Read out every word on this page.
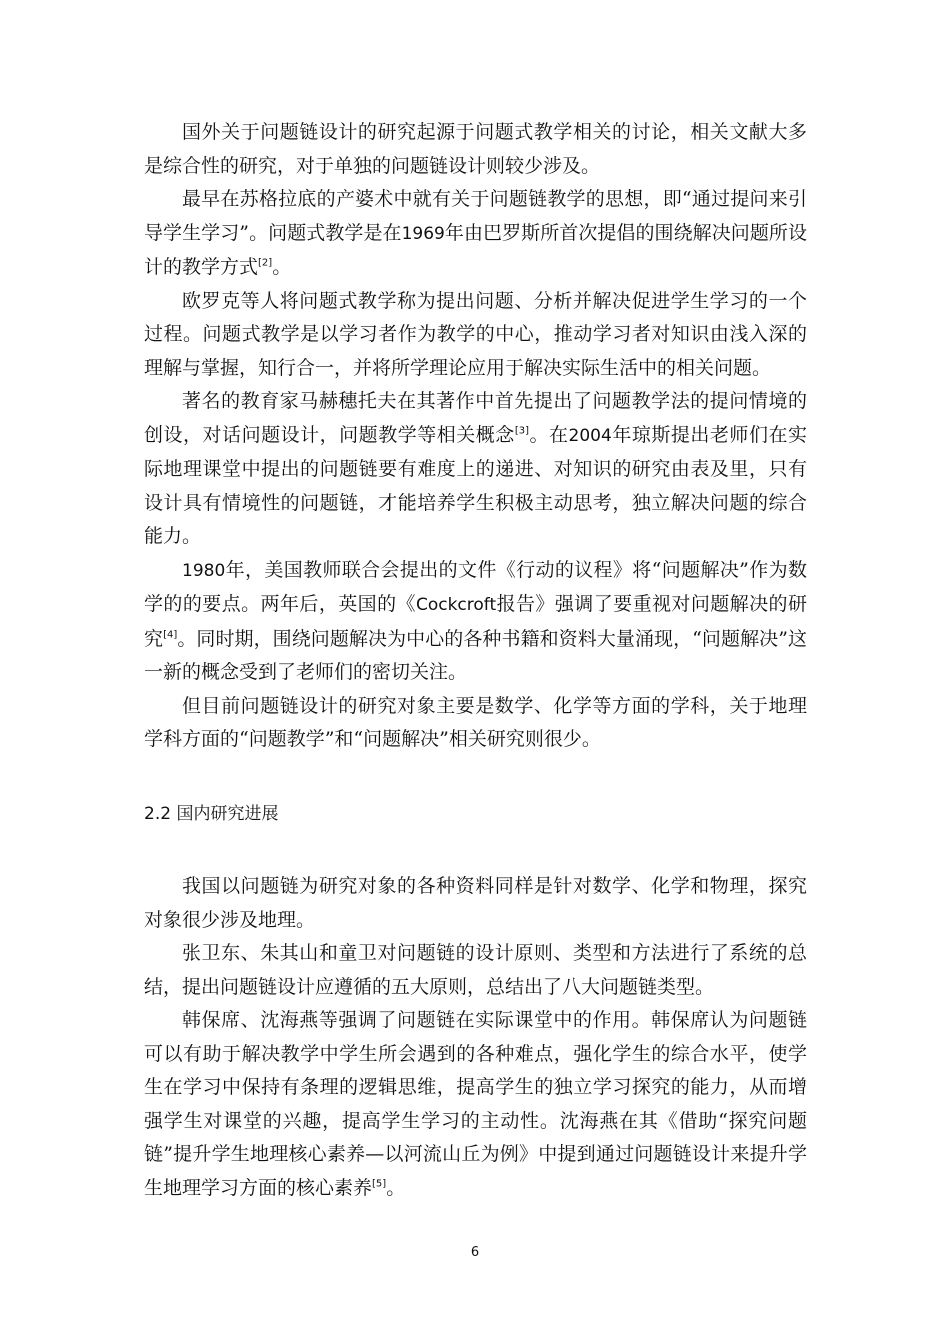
国外关于问题链设计的研究起源于问题式教学相关的讨论，相关文献大多是综合性的研究，对于单独的问题链设计则较少涉及。

最早在苏格拉底的产婆术中就有关于问题链教学的思想，即“通过提问来引导学生学习”。问题式教学是在1969年由巴罗斯所首次提倡的围绕解决问题所设计的教学方式[2]。

欧罗克等人将问题式教学称为提出问题、分析并解决促进学生学习的一个过程。问题式教学是以学习者作为教学的中心，推动学习者对知识由浅入深的理解与掌握，知行合一，并将所学理论应用于解决实际生活中的相关问题。

著名的教育家马赫穗托夫在其著作中首先提出了问题教学法的提问情境的创设，对话问题设计，问题教学等相关概念[3]。在2004年琼斯提出老师们在实际地理课堂中提出的问题链要有难度上的递进、对知识的研究由表及里，只有设计具有情境性的问题链，才能培养学生积极主动思考，独立解决问题的综合能力。

1980年，美国教师联合会提出的文件《行动的议程》将“问题解决”作为数学的的要点。两年后，英国的《Cockcroft报告》强调了要重视对问题解决的研究[4]。同时期，围绕问题解决为中心的各种书籍和资料大量涌现，“问题解决”这一新的概念受到了老师们的密切关注。

但目前问题链设计的研究对象主要是数学、化学等方面的学科，关于地理学科方面的“问题教学”和“问题解决”相关研究则很少。

2.2 国内研究进展

我国以问题链为研究对象的各种资料同样是针对数学、化学和物理，探究对象很少涉及地理。

张卫东、朱其山和童卫对问题链的设计原则、类型和方法进行了系统的总结，提出问题链设计应遵循的五大原则，总结出了八大问题链类型。

韩保席、沈海燕等强调了问题链在实际课堂中的作用。韩保席认为问题链可以有助于解决教学中学生所会遇到的各种难点，强化学生的综合水平，使学生在学习中保持有条理的逻辑思维，提高学生的独立学习探究的能力，从而增强学生对课堂的兴趣，提高学生学习的主动性。沈海燕在其《借助“探究问题链”提升学生地理核心素养—以河流山丘为例》中提到通过问题链设计来提升学生地理学习方面的核心素养[5]。

6
